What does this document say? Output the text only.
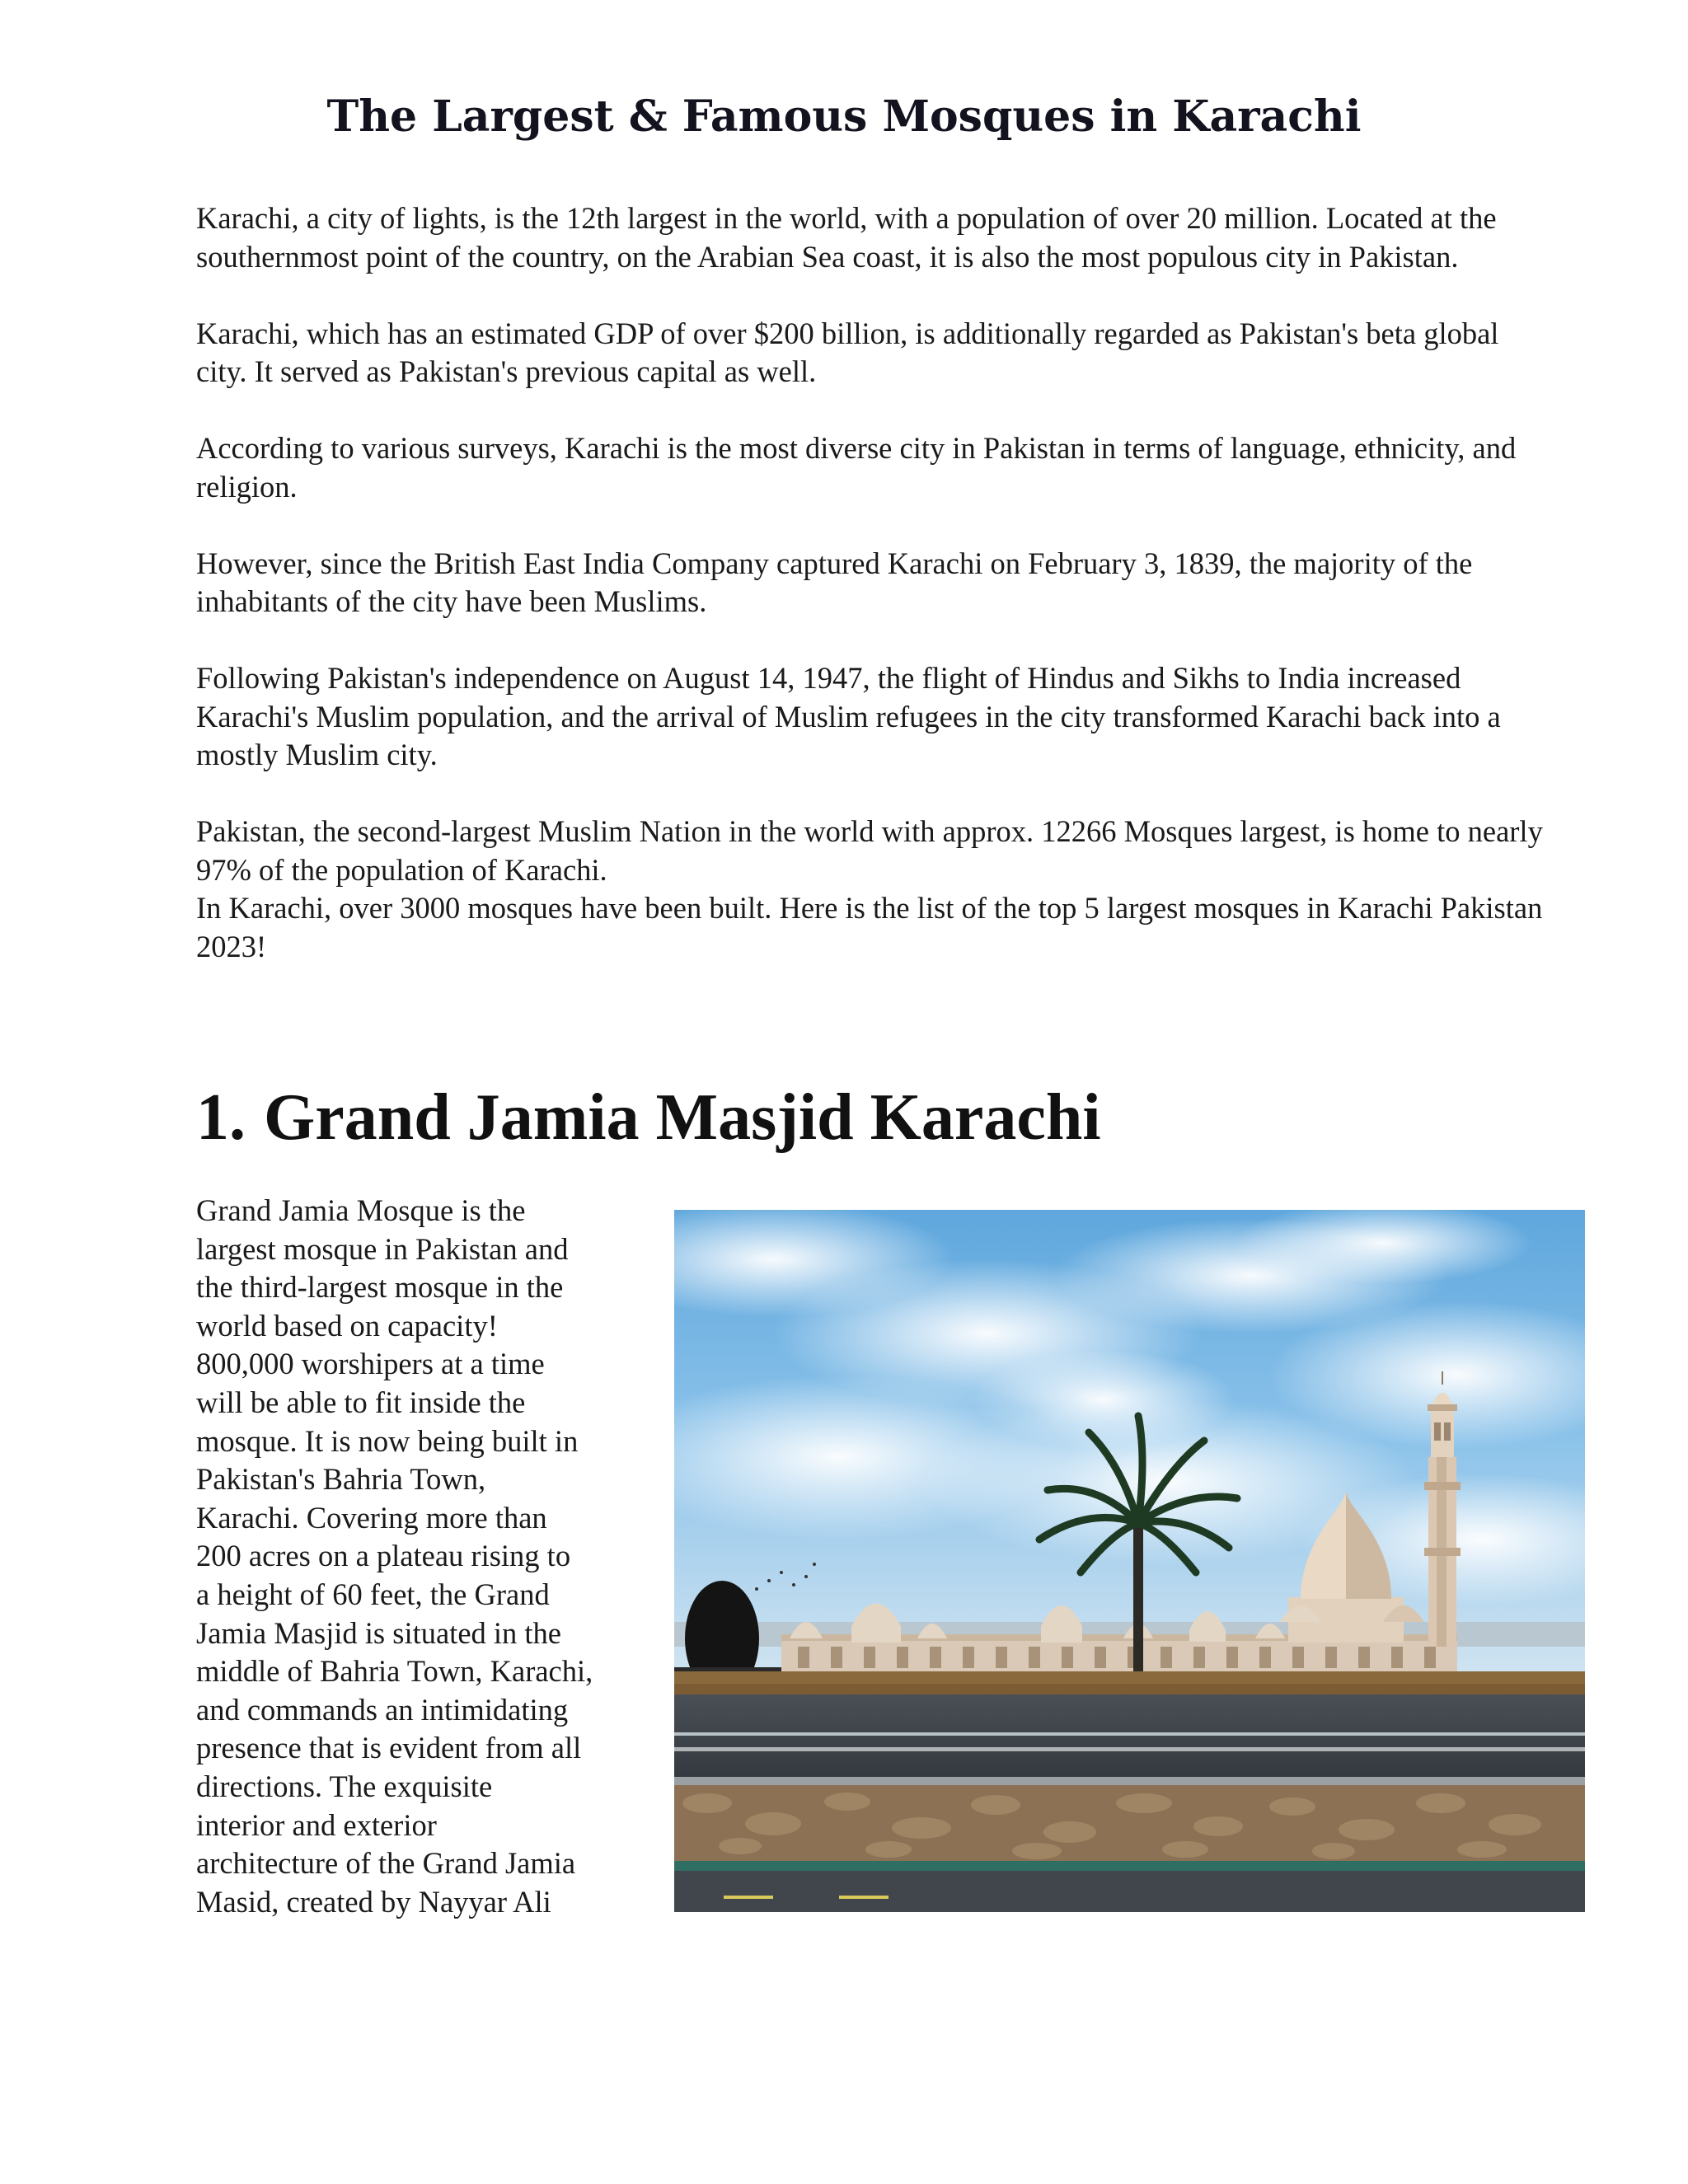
The Largest & Famous Mosques in Karachi

Karachi, a city of lights, is the 12th largest in the world, with a population of over 20 million. Located at the southernmost point of the country, on the Arabian Sea coast, it is also the most populous city in Pakistan.

Karachi, which has an estimated GDP of over $200 billion, is additionally regarded as Pakistan's beta global city. It served as Pakistan's previous capital as well.

According to various surveys, Karachi is the most diverse city in Pakistan in terms of language, ethnicity, and religion.

However, since the British East India Company captured Karachi on February 3, 1839, the majority of the inhabitants of the city have been Muslims.

Following Pakistan's independence on August 14, 1947, the flight of Hindus and Sikhs to India increased Karachi's Muslim population, and the arrival of Muslim refugees in the city transformed Karachi back into a mostly Muslim city.

Pakistan, the second-largest Muslim Nation in the world with approx. 12266 Mosques largest, is home to nearly 97% of the population of Karachi.

In Karachi, over 3000 mosques have been built. Here is the list of the top 5 largest mosques in Karachi Pakistan 2023!

1. Grand Jamia Masjid Karachi

Grand Jamia Mosque is the
largest mosque in Pakistan and
the third-largest mosque in the
world based on capacity!
800,000 worshipers at a time
will be able to fit inside the
mosque. It is now being built in
Pakistan's Bahria Town,
Karachi. Covering more than
200 acres on a plateau rising to
a height of 60 feet, the Grand
Jamia Masjid is situated in the
middle of Bahria Town, Karachi,
and commands an intimidating
presence that is evident from all
directions. The exquisite
interior and exterior
architecture of the Grand Jamia
Masid, created by Nayyar Ali
